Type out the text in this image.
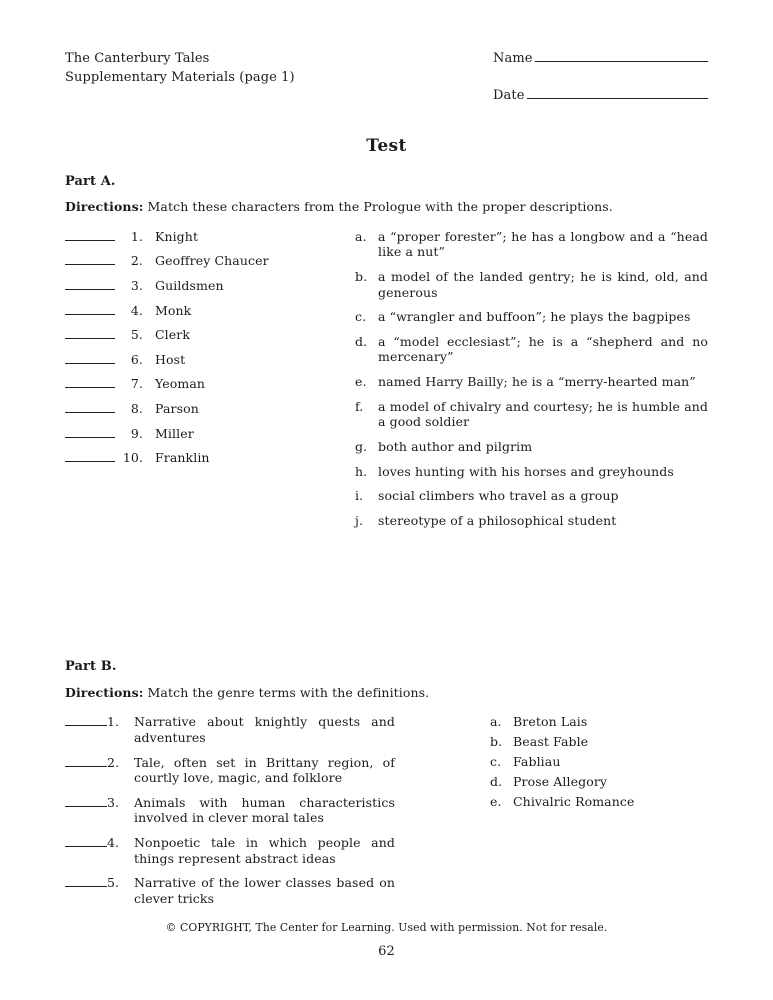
The Canterbury Tales
Supplementary Materials (page 1)
Name
Date
Test
Part A.
Directions: Match these characters from the Prologue with the proper descriptions.
1. Knight
2. Geoffrey Chaucer
3. Guildsmen
4. Monk
5. Clerk
6. Host
7. Yeoman
8. Parson
9. Miller
10. Franklin
a. a “proper forester”; he has a longbow and a “head like a nut”
b. a model of the landed gentry; he is kind, old, and generous
c. a “wrangler and buffoon”; he plays the bagpipes
d. a “model ecclesiast”; he is a “shepherd and no mercenary”
e. named Harry Bailly; he is a “merry-hearted man”
f.	a model of chivalry and courtesy; he is humble and a good soldier
g. both author and pilgrim
h. loves hunting with his horses and greyhounds
i.	social climbers who travel as a group
j.	stereotype of a philosophical student
Part B.
Directions: Match the genre terms with the definitions.
1.	Narrative about knightly quests and adventures
2.	Tale, often set in Brittany region, of courtly love, magic, and folklore
3.	Animals with human characteristics involved in clever moral tales
4.	Nonpoetic tale in which people and things represent abstract ideas
5.	Narrative of the lower classes based on clever tricks
a. Breton Lais
b. Beast Fable
c. Fabliau
d. Prose Allegory
e. Chivalric Romance
© COPYRIGHT, The Center for Learning. Used with permission. Not for resale.
62
